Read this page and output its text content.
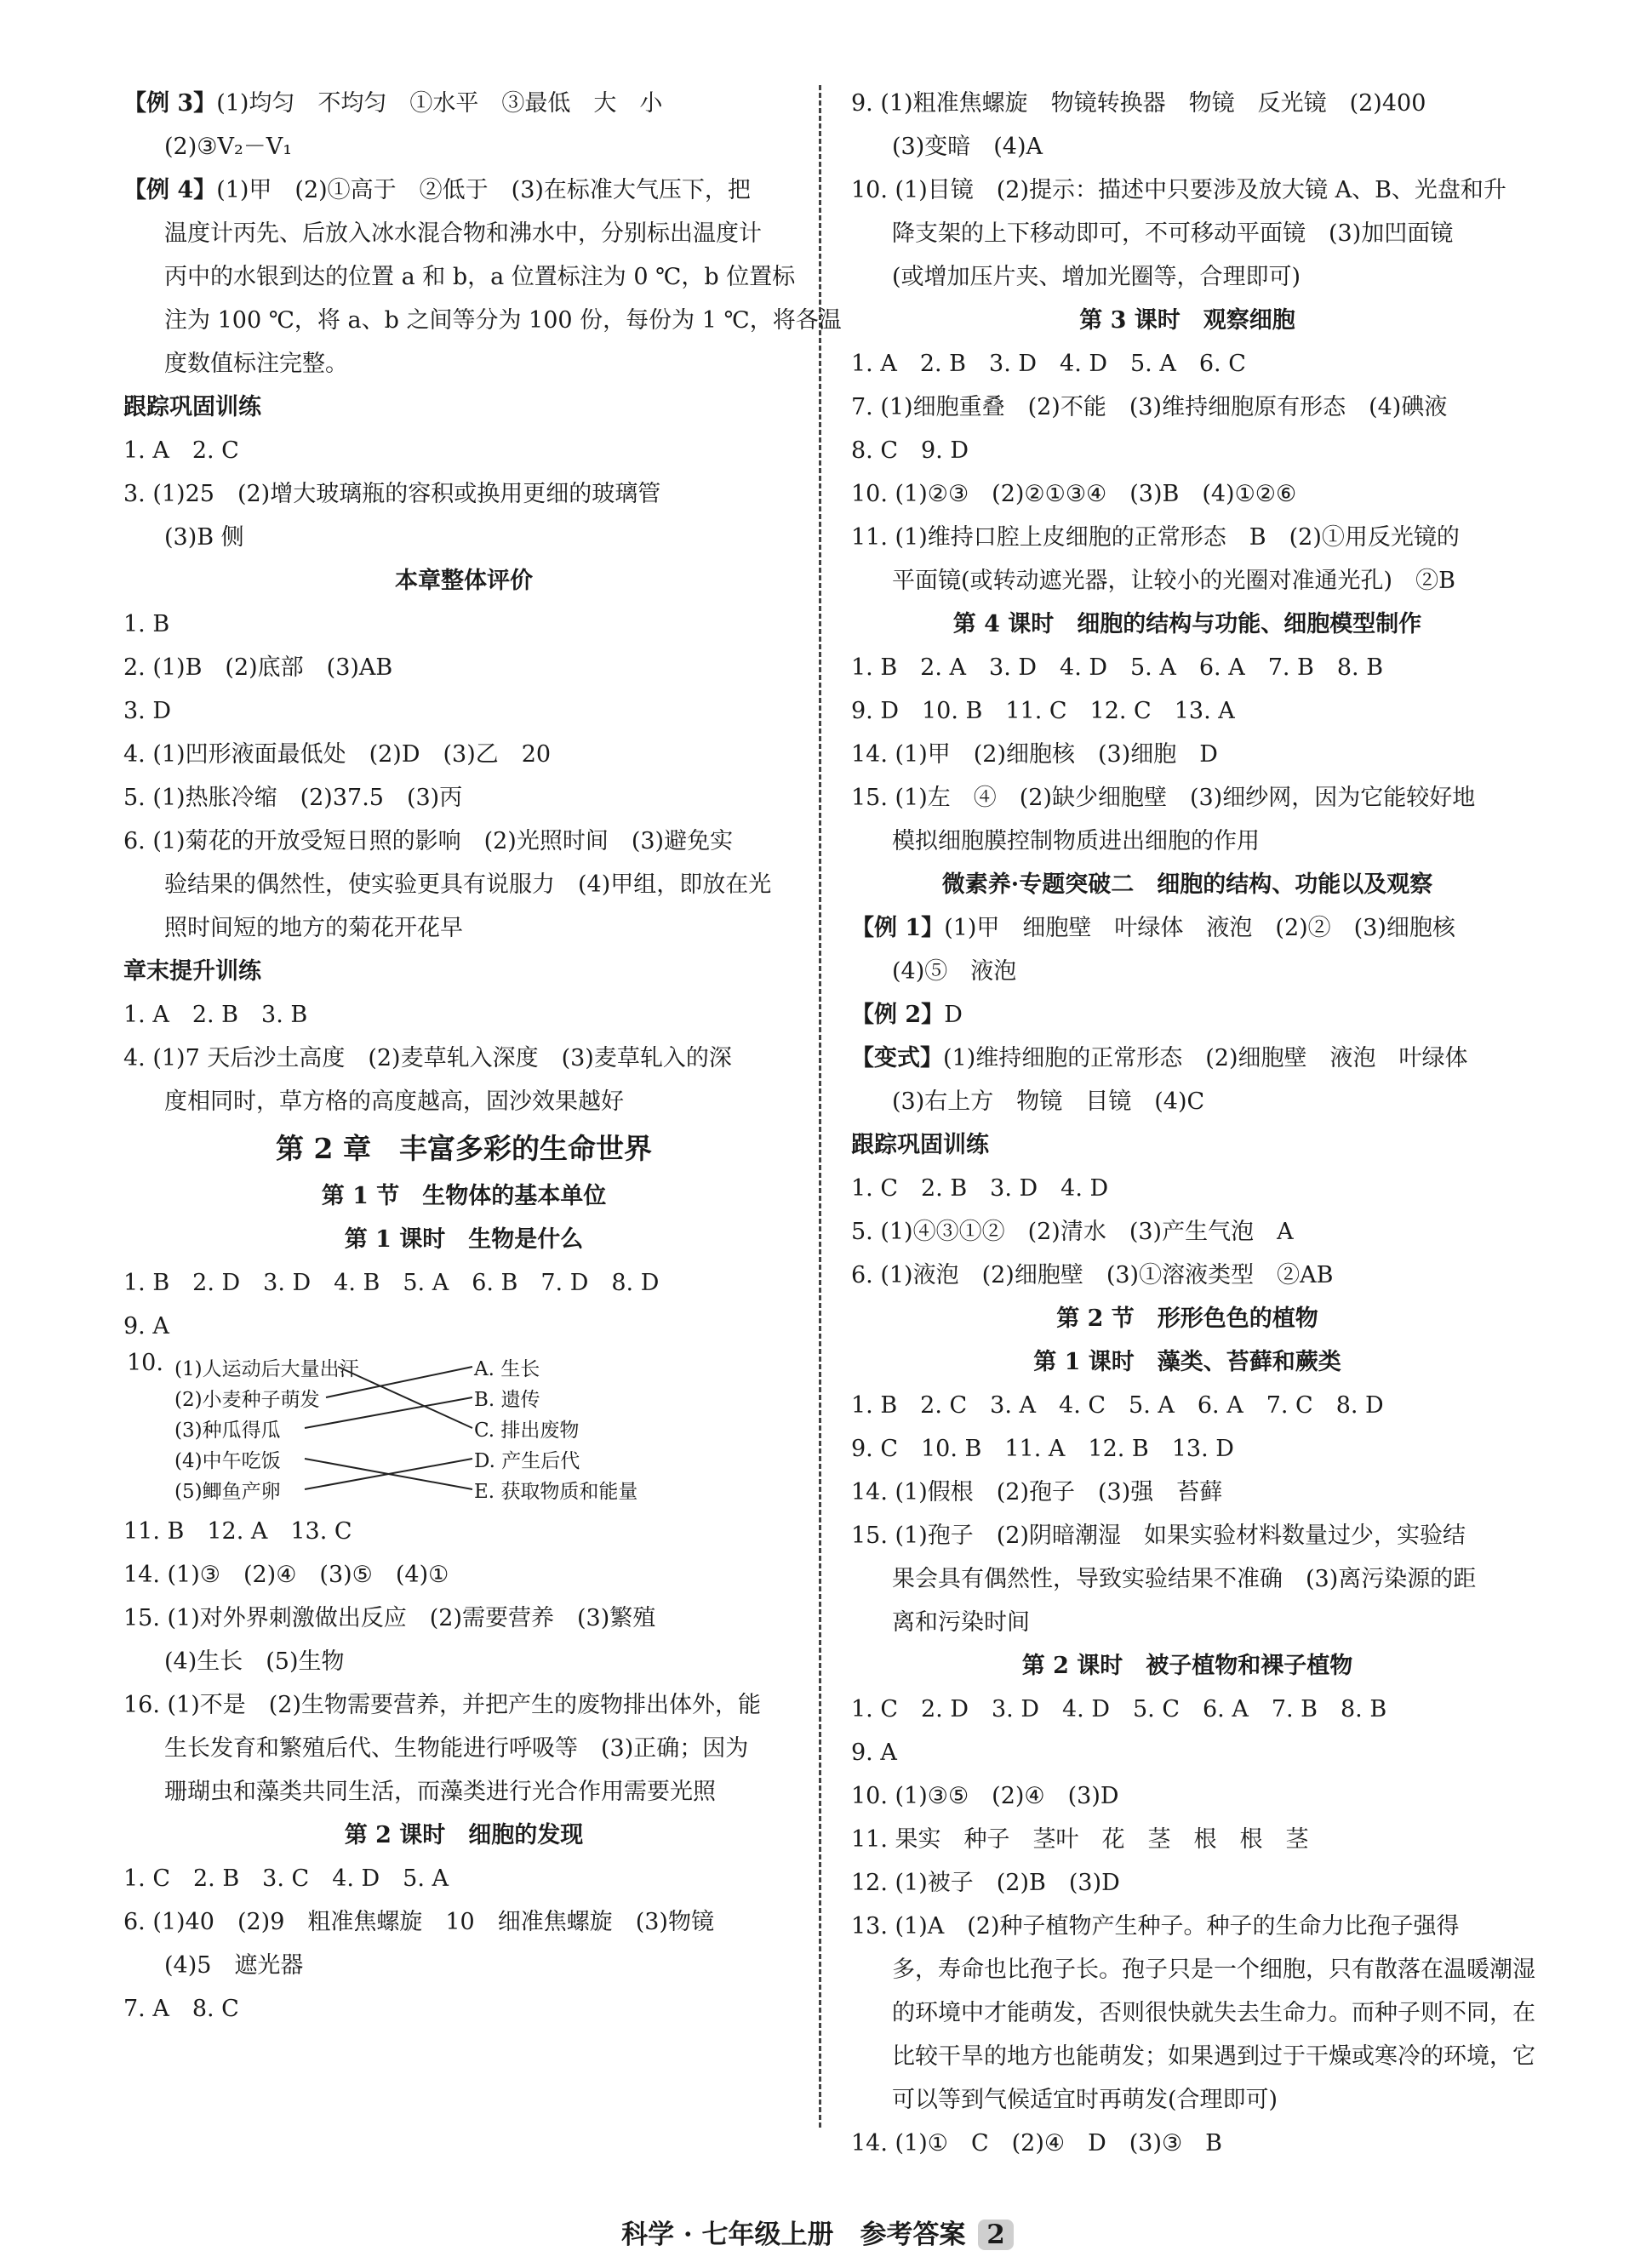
【例 3】(1)均匀　不均匀　①水平　③最低　大　小
(2)③V₂－V₁
【例 4】(1)甲　(2)①高于　②低于　(3)在标准大气压下，把
温度计丙先、后放入冰水混合物和沸水中，分别标出温度计
丙中的水银到达的位置 a 和 b，a 位置标注为 0 ℃，b 位置标
注为 100 ℃，将 a、b 之间等分为 100 份，每份为 1 ℃，将各温
度数值标注完整。
跟踪巩固训练
1. A　2. C
3. (1)25　(2)增大玻璃瓶的容积或换用更细的玻璃管
(3)B 侧
本章整体评价
1. B
2. (1)B　(2)底部　(3)AB
3. D
4. (1)凹形液面最低处　(2)D　(3)乙　20
5. (1)热胀冷缩　(2)37.5　(3)丙
6. (1)菊花的开放受短日照的影响　(2)光照时间　(3)避免实
验结果的偶然性，使实验更具有说服力　(4)甲组，即放在光
照时间短的地方的菊花开花早
章末提升训练
1. A　2. B　3. B
4. (1)7 天后沙土高度　(2)麦草轧入深度　(3)麦草轧入的深
度相同时，草方格的高度越高，固沙效果越好
第 2 章　丰富多彩的生命世界
第 1 节　生物体的基本单位
第 1 课时　生物是什么
1. B　2. D　3. D　4. B　5. A　6. B　7. D　8. D
9. A
10. (1)人运动后大量出汗
(2)小麦种子萌发
(3)种瓜得瓜
(4)中午吃饭
(5)鲫鱼产卵
A. 生长
B. 遗传
C. 排出废物
D. 产生后代
E. 获取物质和能量
11. B　12. A　13. C
14. (1)③　(2)④　(3)⑤　(4)①
15. (1)对外界刺激做出反应　(2)需要营养　(3)繁殖
(4)生长　(5)生物
16. (1)不是　(2)生物需要营养，并把产生的废物排出体外，能
生长发育和繁殖后代、生物能进行呼吸等　(3)正确；因为
珊瑚虫和藻类共同生活，而藻类进行光合作用需要光照
第 2 课时　细胞的发现
1. C　2. B　3. C　4. D　5. A
6. (1)40　(2)9　粗准焦螺旋　10　细准焦螺旋　(3)物镜
(4)5　遮光器
7. A　8. C
9. (1)粗准焦螺旋　物镜转换器　物镜　反光镜　(2)400
(3)变暗　(4)A
10. (1)目镜　(2)提示：描述中只要涉及放大镜 A、B、光盘和升
降支架的上下移动即可，不可移动平面镜　(3)加凹面镜
(或增加压片夹、增加光圈等，合理即可)
第 3 课时　观察细胞
1. A　2. B　3. D　4. D　5. A　6. C
7. (1)细胞重叠　(2)不能　(3)维持细胞原有形态　(4)碘液
8. C　9. D
10. (1)②③　(2)②①③④　(3)B　(4)①②⑥
11. (1)维持口腔上皮细胞的正常形态　B　(2)①用反光镜的
平面镜(或转动遮光器，让较小的光圈对准通光孔)　②B
第 4 课时　细胞的结构与功能、细胞模型制作
1. B　2. A　3. D　4. D　5. A　6. A　7. B　8. B
9. D　10. B　11. C　12. C　13. A
14. (1)甲　(2)细胞核　(3)细胞　D
15. (1)左　④　(2)缺少细胞壁　(3)细纱网，因为它能较好地
模拟细胞膜控制物质进出细胞的作用
微素养·专题突破二　细胞的结构、功能以及观察
【例 1】(1)甲　细胞壁　叶绿体　液泡　(2)②　(3)细胞核
(4)⑤　液泡
【例 2】D
【变式】(1)维持细胞的正常形态　(2)细胞壁　液泡　叶绿体
(3)右上方　物镜　目镜　(4)C
跟踪巩固训练
1. C　2. B　3. D　4. D
5. (1)④③①②　(2)清水　(3)产生气泡　A
6. (1)液泡　(2)细胞壁　(3)①溶液类型　②AB
第 2 节　形形色色的植物
第 1 课时　藻类、苔藓和蕨类
1. B　2. C　3. A　4. C　5. A　6. A　7. C　8. D
9. C　10. B　11. A　12. B　13. D
14. (1)假根　(2)孢子　(3)强　苔藓
15. (1)孢子　(2)阴暗潮湿　如果实验材料数量过少，实验结
果会具有偶然性，导致实验结果不准确　(3)离污染源的距
离和污染时间
第 2 课时　被子植物和裸子植物
1. C　2. D　3. D　4. D　5. C　6. A　7. B　8. B
9. A
10. (1)③⑤　(2)④　(3)D
11. 果实　种子　茎叶　花　茎　根　根　茎
12. (1)被子　(2)B　(3)D
13. (1)A　(2)种子植物产生种子。种子的生命力比孢子强得
多，寿命也比孢子长。孢子只是一个细胞，只有散落在温暖潮湿
的环境中才能萌发，否则很快就失去生命力。而种子则不同，在
比较干旱的地方也能萌发；如果遇到过于干燥或寒冷的环境，它
可以等到气候适宜时再萌发(合理即可)
14. (1)①　C　(2)④　D　(3)③　B
科学 · 七年级上册　参考答案 2
